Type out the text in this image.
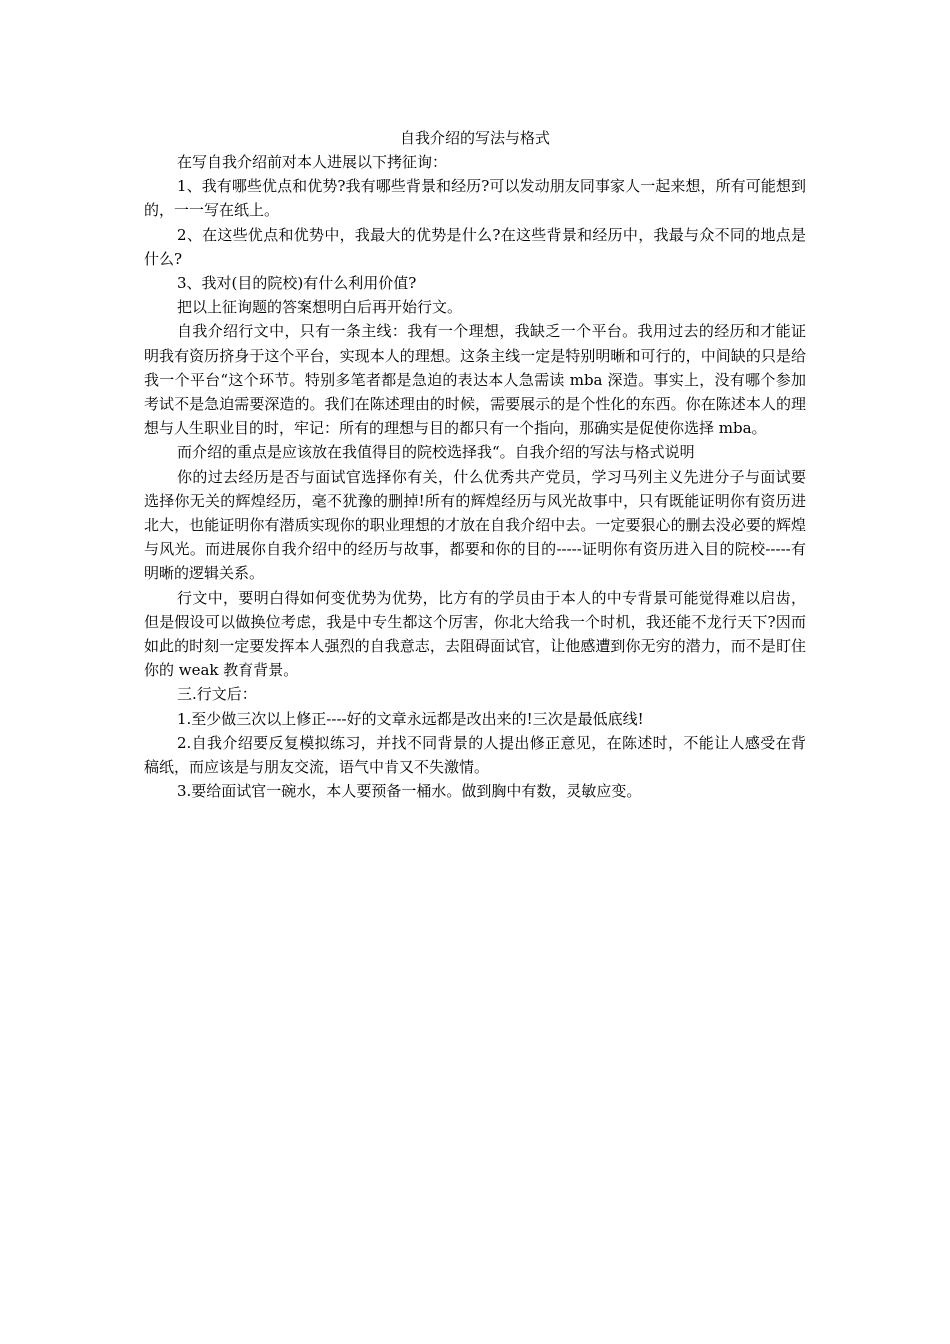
自我介绍的写法与格式

在写自我介绍前对本人进展以下拷征询：

1、我有哪些优点和优势?我有哪些背景和经历?可以发动朋友同事家人一起来想，所有可能想到的，一一写在纸上。

2、在这些优点和优势中，我最大的优势是什么?在这些背景和经历中，我最与众不同的地点是什么?

3、我对(目的院校)有什么利用价值?

把以上征询题的答案想明白后再开始行文。

自我介绍行文中，只有一条主线：我有一个理想，我缺乏一个平台。我用过去的经历和才能证明我有资历挤身于这个平台，实现本人的理想。这条主线一定是特别明晰和可行的，中间缺的只是给我一个平台“这个环节。特别多笔者都是急迫的表达本人急需读 mba 深造。事实上，没有哪个参加考试不是急迫需要深造的。我们在陈述理由的时候，需要展示的是个性化的东西。你在陈述本人的理想与人生职业目的时，牢记：所有的理想与目的都只有一个指向，那确实是促使你选择 mba。

而介绍的重点是应该放在我值得目的院校选择我“。自我介绍的写法与格式说明

你的过去经历是否与面试官选择你有关，什么优秀共产党员，学习马列主义先进分子与面试要选择你无关的辉煌经历，毫不犹豫的删掉!所有的辉煌经历与风光故事中，只有既能证明你有资历进北大，也能证明你有潜质实现你的职业理想的才放在自我介绍中去。一定要狠心的删去没必要的辉煌与风光。而进展你自我介绍中的经历与故事，都要和你的目的-----证明你有资历进入目的院校-----有明晰的逻辑关系。

行文中，要明白得如何变优势为优势，比方有的学员由于本人的中专背景可能觉得难以启齿，但是假设可以做换位考虑，我是中专生都这个厉害，你北大给我一个时机，我还能不龙行天下?因而如此的时刻一定要发挥本人强烈的自我意志，去阻碍面试官，让他感遭到你无穷的潜力，而不是盯住你的 weak 教育背景。

三.行文后：

1.至少做三次以上修正----好的文章永远都是改出来的!三次是最低底线!

2.自我介绍要反复模拟练习，并找不同背景的人提出修正意见，在陈述时，不能让人感受在背稿纸，而应该是与朋友交流，语气中肯又不失激情。

3.要给面试官一碗水，本人要预备一桶水。做到胸中有数，灵敏应变。
